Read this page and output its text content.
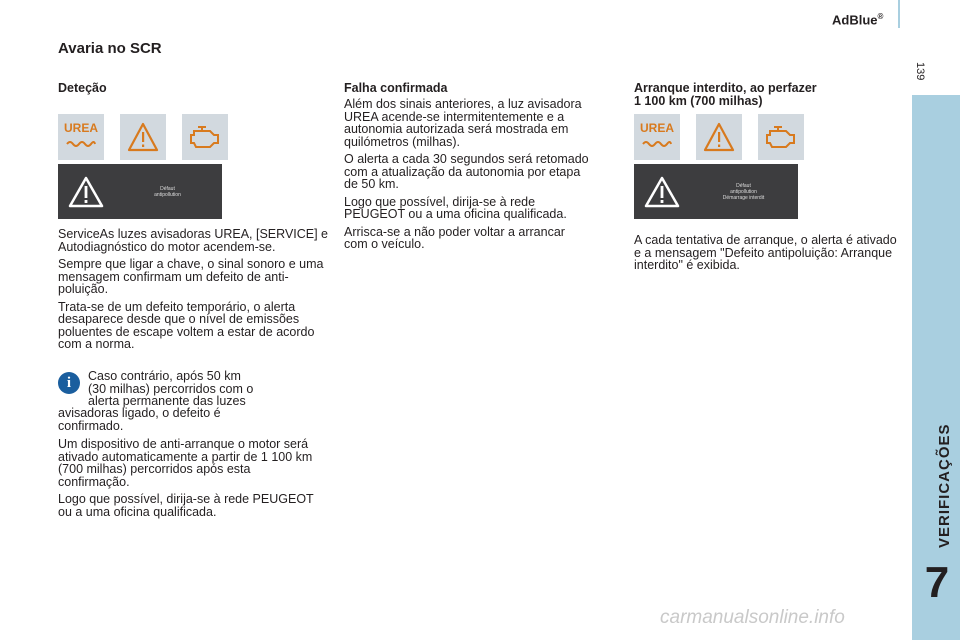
AdBlue®
139
VERIFICAÇÕES
7
Avaria no SCR
Deteção
UREA
Défaut
antipollution

ServiceAs luzes avisadoras UREA, [SERVICE] e Autodiagnóstico do motor acendem-se.

Sempre que ligar a chave, o sinal sonoro e uma mensagem confirmam um defeito de anti-poluição.

Trata-se de um defeito temporário, o alerta desaparece desde que o nível de emissões poluentes de escape voltem a estar de acordo com a norma.

i	Caso contrário, após 50 km
(30 milhas) percorridos com o
alerta permanente das luzes
avisadoras ligado, o defeito é
confirmado.

Um dispositivo de anti-arranque o motor será ativado automaticamente a partir de 1 100 km (700 milhas) percorridos após esta confirmação.

Logo que possível, dirija-se à rede PEUGEOT ou a uma oficina qualificada.

Falha confirmada

Além dos sinais anteriores, a luz avisadora UREA acende-se intermitentemente e a autonomia autorizada será mostrada em quilómetros (milhas).

O alerta a cada 30 segundos será retomado com a atualização da autonomia por etapa de 50 km.

Logo que possível, dirija-se à rede PEUGEOT ou a uma oficina qualificada.

Arrisca-se a não poder voltar a arrancar com o veículo.

Arranque interdito, ao perfazer
1 100 km (700 milhas)
UREA
Défaut
antipollution
Démarrage interdit

A cada tentativa de arranque, o alerta é ativado e a mensagem "Defeito antipoluição: Arranque interdito" é exibida.

carmanualsonline.info
